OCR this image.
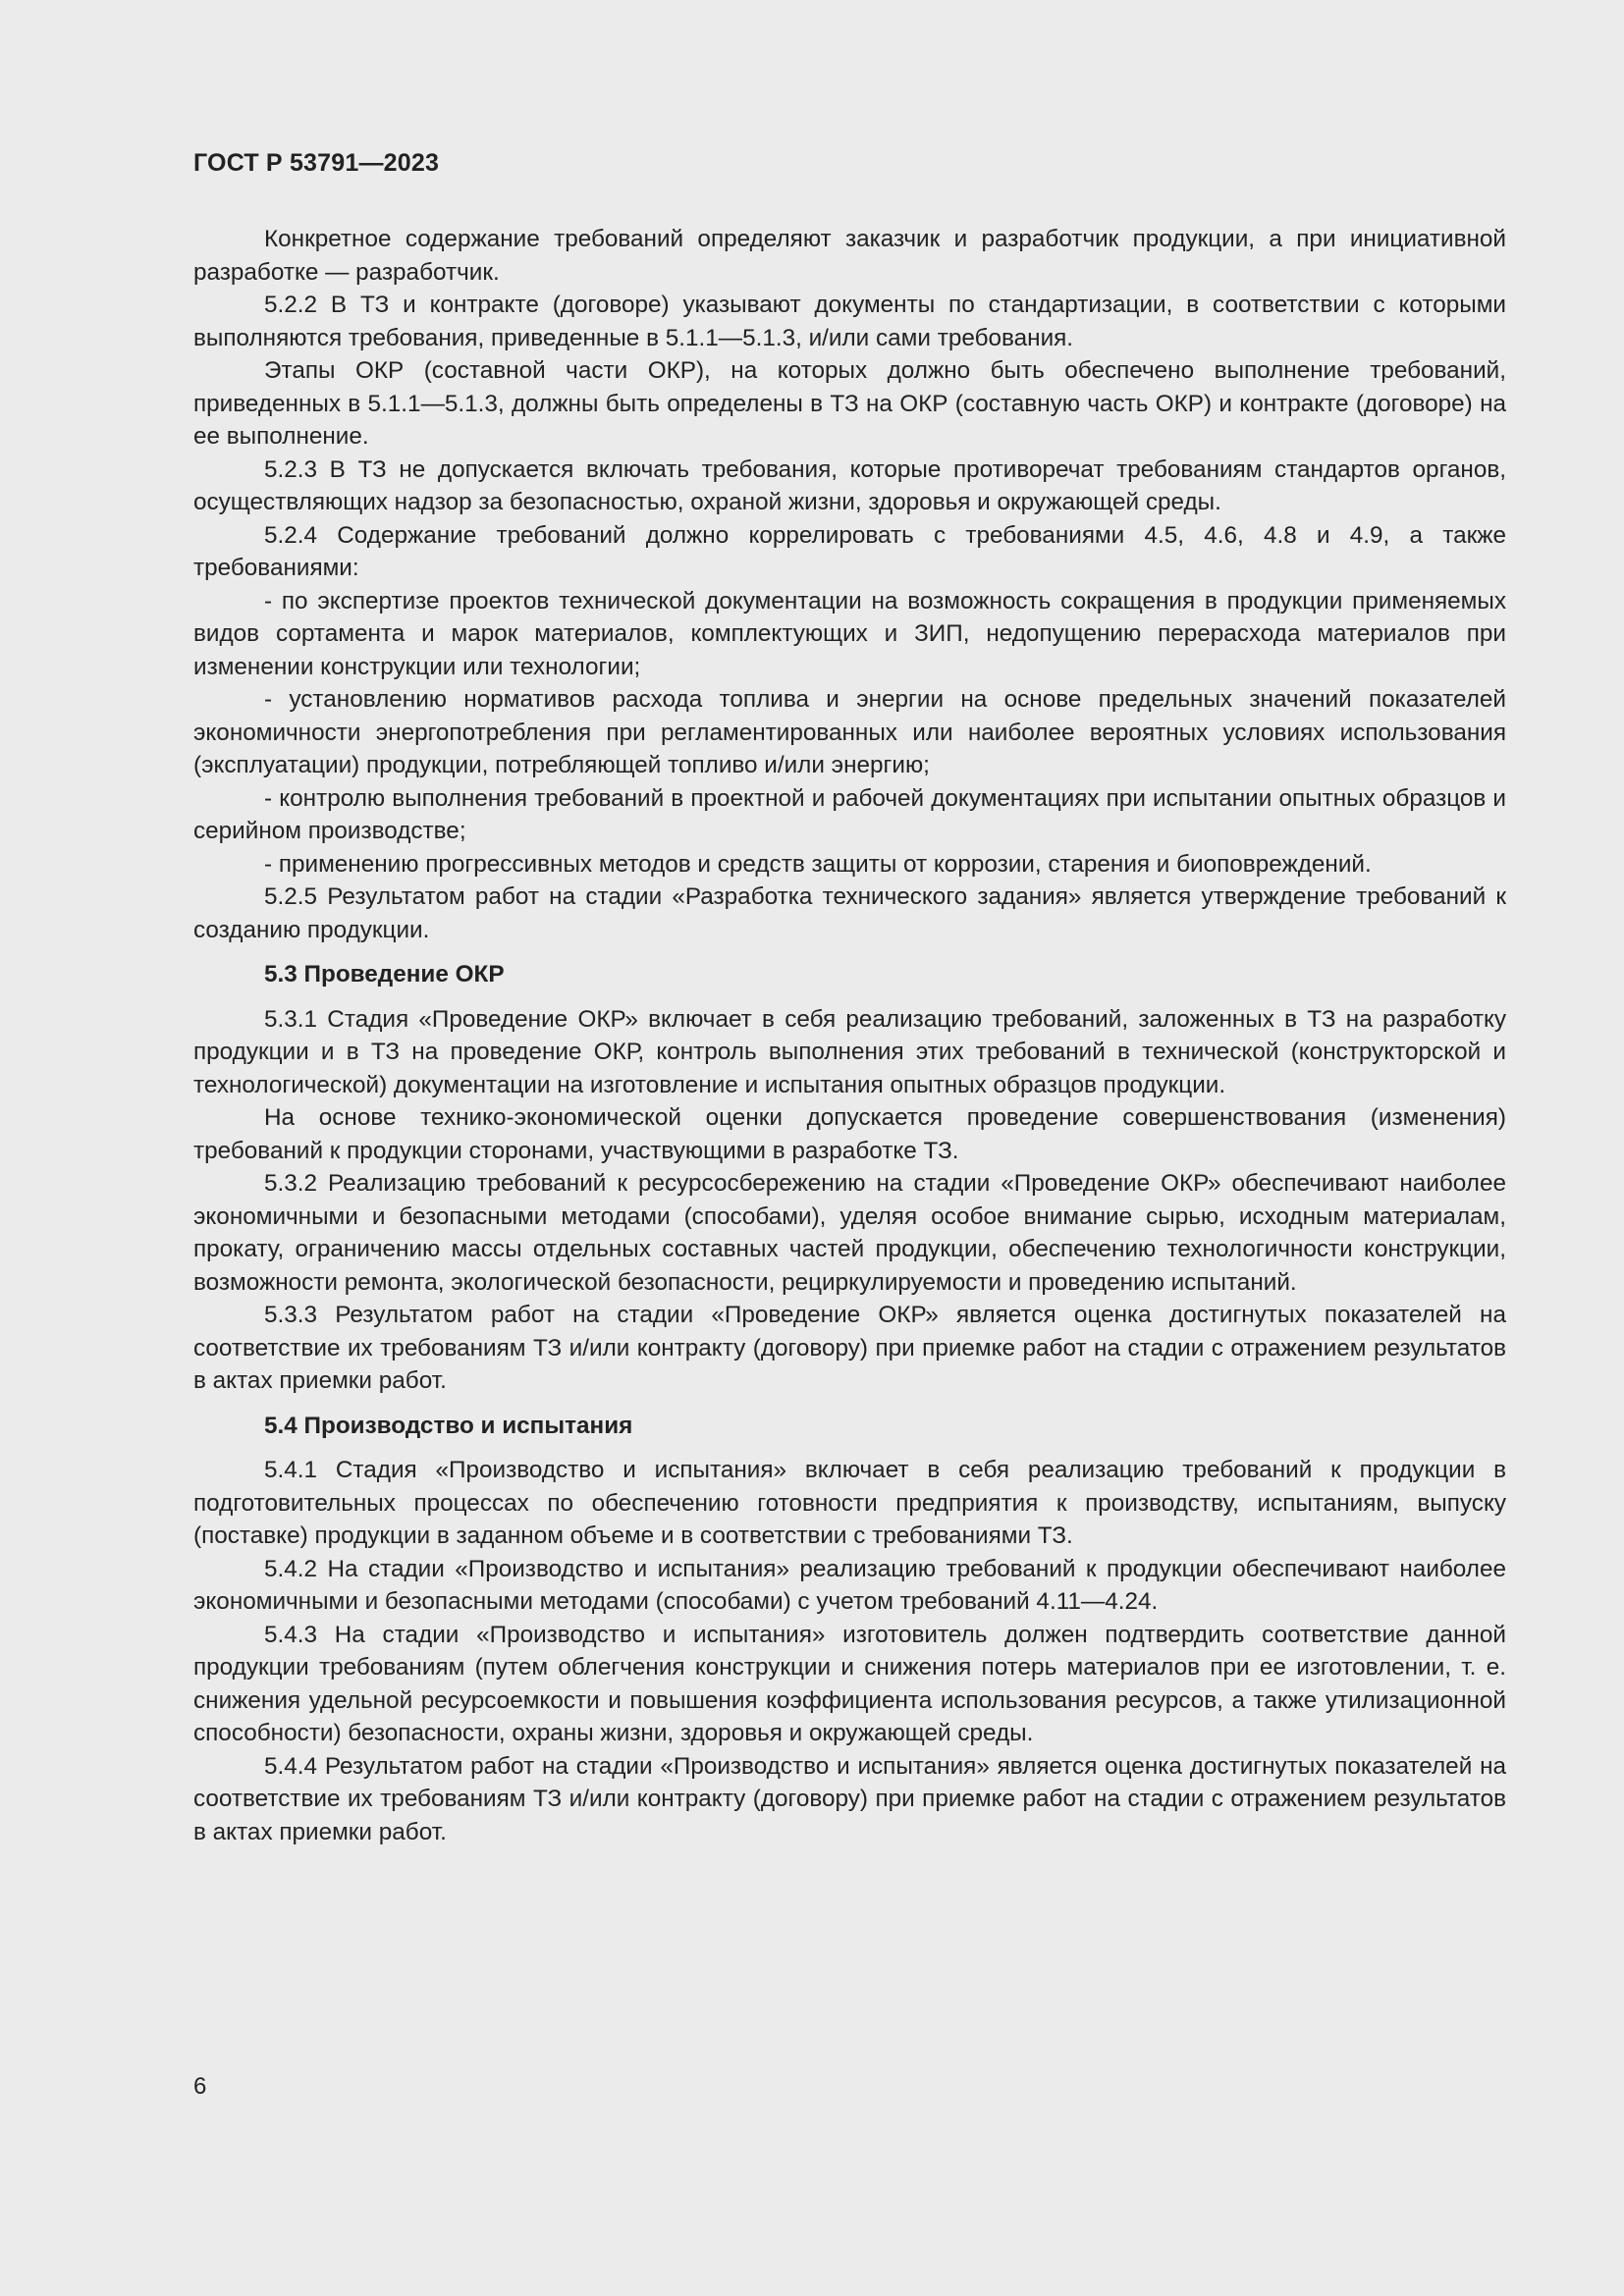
ГОСТ Р 53791—2023

Конкретное содержание требований определяют заказчик и разработчик продукции, а при инициативной разработке — разработчик.

5.2.2 В ТЗ и контракте (договоре) указывают документы по стандартизации, в соответствии с которыми выполняются требования, приведенные в 5.1.1—5.1.3, и/или сами требования.

Этапы ОКР (составной части ОКР), на которых должно быть обеспечено выполнение требований, приведенных в 5.1.1—5.1.3, должны быть определены в ТЗ на ОКР (составную часть ОКР) и контракте (договоре) на ее выполнение.

5.2.3 В ТЗ не допускается включать требования, которые противоречат требованиям стандартов органов, осуществляющих надзор за безопасностью, охраной жизни, здоровья и окружающей среды.

5.2.4 Содержание требований должно коррелировать с требованиями 4.5, 4.6, 4.8 и 4.9, а также требованиями:

- по экспертизе проектов технической документации на возможность сокращения в продукции применяемых видов сортамента и марок материалов, комплектующих и ЗИП, недопущению перерасхода материалов при изменении конструкции или технологии;

- установлению нормативов расхода топлива и энергии на основе предельных значений показателей экономичности энергопотребления при регламентированных или наиболее вероятных условиях использования (эксплуатации) продукции, потребляющей топливо и/или энергию;

- контролю выполнения требований в проектной и рабочей документациях при испытании опытных образцов и серийном производстве;

- применению прогрессивных методов и средств защиты от коррозии, старения и биоповреждений.

5.2.5 Результатом работ на стадии «Разработка технического задания» является утверждение требований к созданию продукции.

5.3 Проведение ОКР

5.3.1 Стадия «Проведение ОКР» включает в себя реализацию требований, заложенных в ТЗ на разработку продукции и в ТЗ на проведение ОКР, контроль выполнения этих требований в технической (конструкторской и технологической) документации на изготовление и испытания опытных образцов продукции.

На основе технико-экономической оценки допускается проведение совершенствования (изменения) требований к продукции сторонами, участвующими в разработке ТЗ.

5.3.2 Реализацию требований к ресурсосбережению на стадии «Проведение ОКР» обеспечивают наиболее экономичными и безопасными методами (способами), уделяя особое внимание сырью, исходным материалам, прокату, ограничению массы отдельных составных частей продукции, обеспечению технологичности конструкции, возможности ремонта, экологической безопасности, рециркулируемости и проведению испытаний.

5.3.3 Результатом работ на стадии «Проведение ОКР» является оценка достигнутых показателей на соответствие их требованиям ТЗ и/или контракту (договору) при приемке работ на стадии с отражением результатов в актах приемки работ.

5.4 Производство и испытания

5.4.1 Стадия «Производство и испытания» включает в себя реализацию требований к продукции в подготовительных процессах по обеспечению готовности предприятия к производству, испытаниям, выпуску (поставке) продукции в заданном объеме и в соответствии с требованиями ТЗ.

5.4.2 На стадии «Производство и испытания» реализацию требований к продукции обеспечивают наиболее экономичными и безопасными методами (способами) с учетом требований 4.11—4.24.

5.4.3 На стадии «Производство и испытания» изготовитель должен подтвердить соответствие данной продукции требованиям (путем облегчения конструкции и снижения потерь материалов при ее изготовлении, т. е. снижения удельной ресурсоемкости и повышения коэффициента использования ресурсов, а также утилизационной способности) безопасности, охраны жизни, здоровья и окружающей среды.

5.4.4 Результатом работ на стадии «Производство и испытания» является оценка достигнутых показателей на соответствие их требованиям ТЗ и/или контракту (договору) при приемке работ на стадии с отражением результатов в актах приемки работ.

6
